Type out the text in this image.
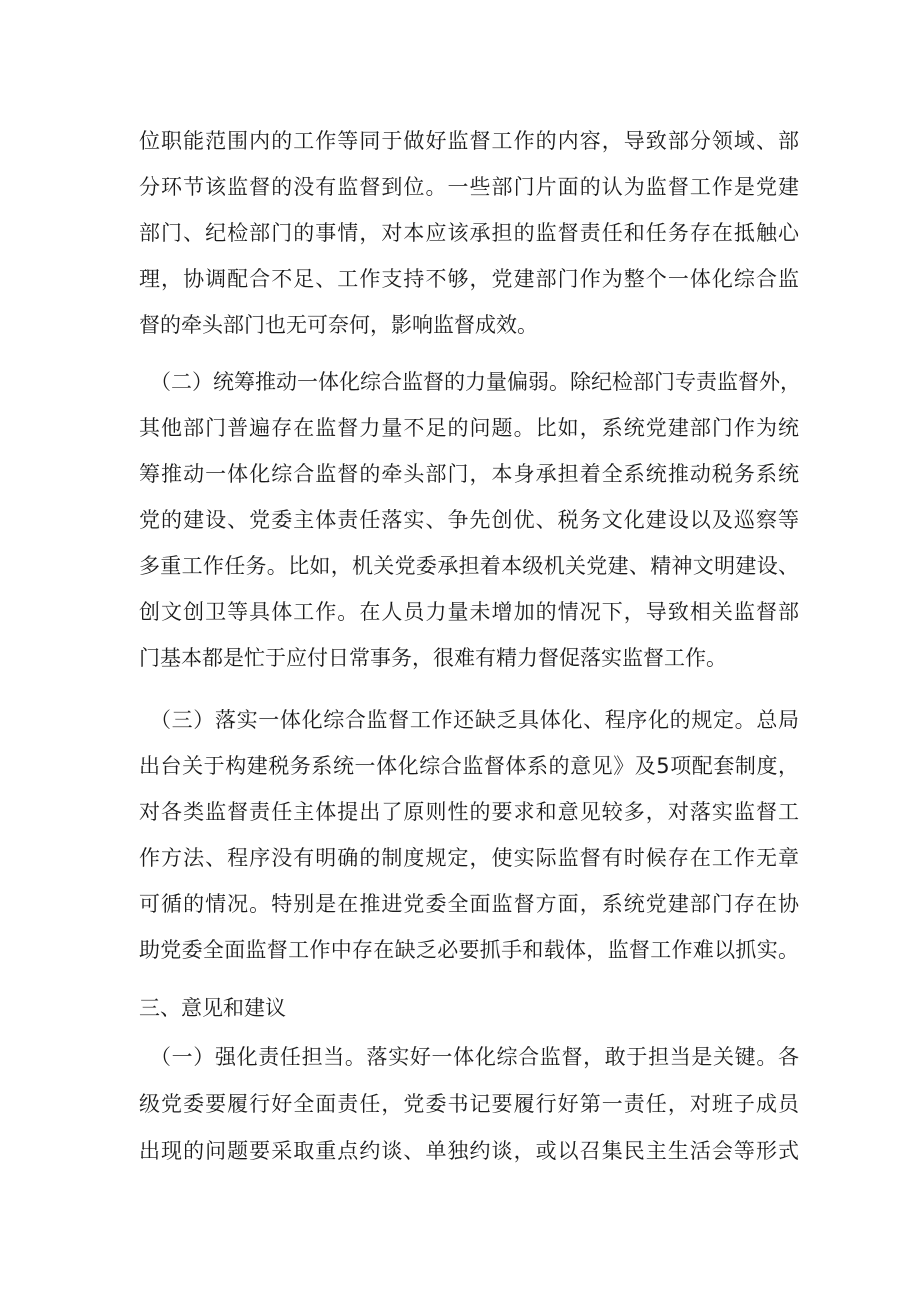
位职能范围内的工作等同于做好监督工作的内容，导致部分领域、部
分环节该监督的没有监督到位。一些部门片面的认为监督工作是党建
部门、纪检部门的事情，对本应该承担的监督责任和任务存在抵触心
理，协调配合不足、工作支持不够，党建部门作为整个一体化综合监
督的牵头部门也无可奈何，影响监督成效。
（二）统筹推动一体化综合监督的力量偏弱。除纪检部门专责监督外，
其他部门普遍存在监督力量不足的问题。比如，系统党建部门作为统
筹推动一体化综合监督的牵头部门，本身承担着全系统推动税务系统
党的建设、党委主体责任落实、争先创优、税务文化建设以及巡察等
多重工作任务。比如，机关党委承担着本级机关党建、精神文明建设、
创文创卫等具体工作。在人员力量未增加的情况下，导致相关监督部
门基本都是忙于应付日常事务，很难有精力督促落实监督工作。
（三）落实一体化综合监督工作还缺乏具体化、程序化的规定。总局
出台关于构建税务系统一体化综合监督体系的意见》及5项配套制度，
对各类监督责任主体提出了原则性的要求和意见较多，对落实监督工
作方法、程序没有明确的制度规定，使实际监督有时候存在工作无章
可循的情况。特别是在推进党委全面监督方面，系统党建部门存在协
助党委全面监督工作中存在缺乏必要抓手和载体，监督工作难以抓实。
三、意见和建议
（一）强化责任担当。落实好一体化综合监督，敢于担当是关键。各
级党委要履行好全面责任，党委书记要履行好第一责任，对班子成员
出现的问题要采取重点约谈、单独约谈，或以召集民主生活会等形式
